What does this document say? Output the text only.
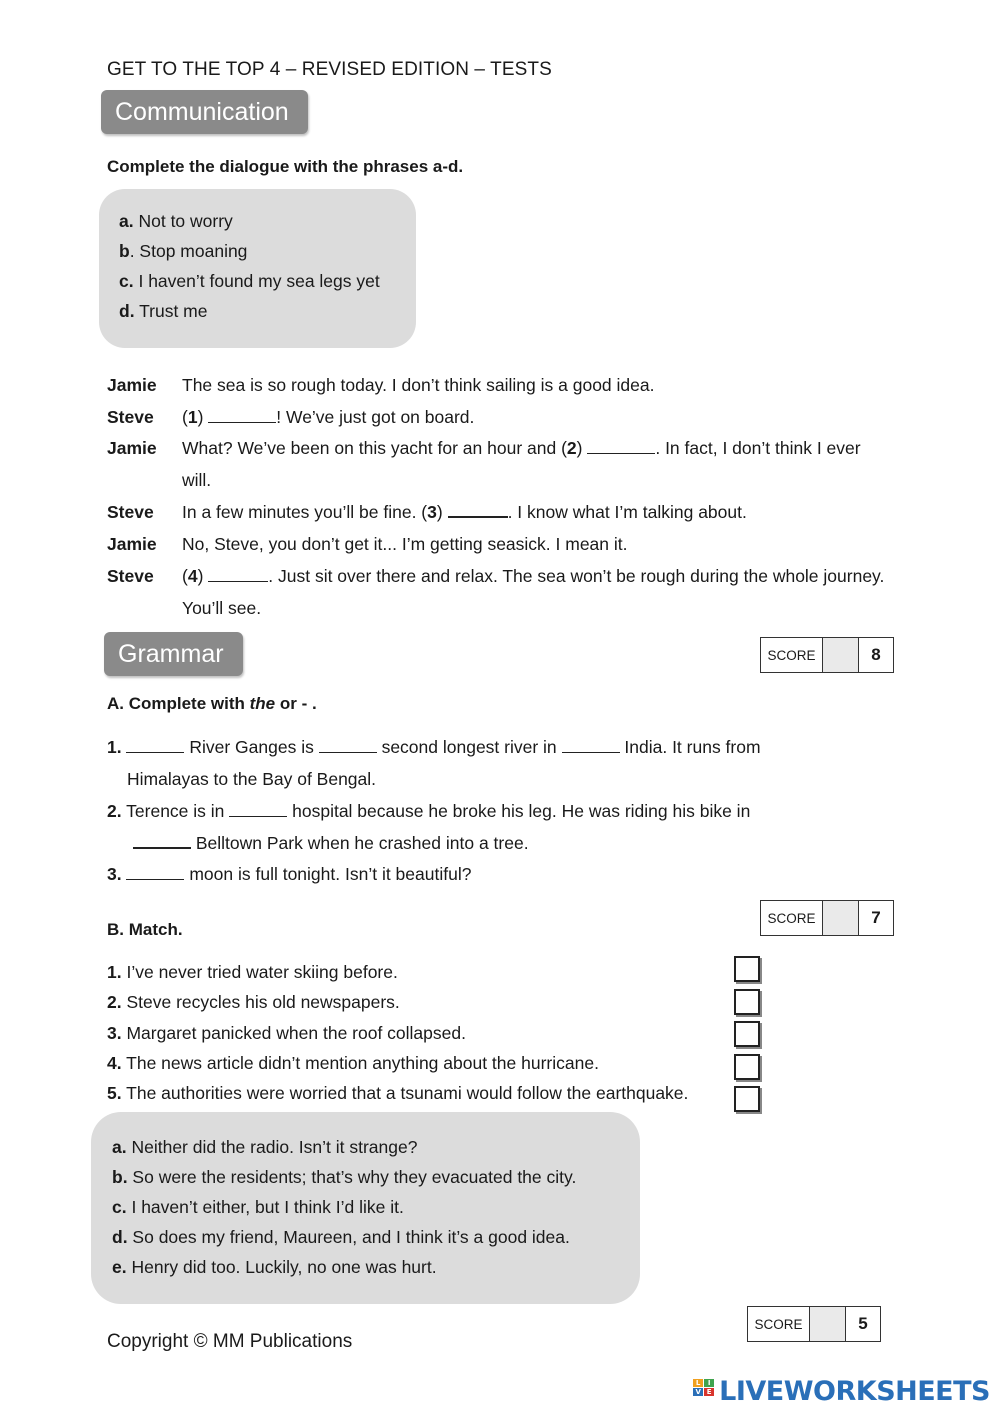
GET TO THE TOP 4 – REVISED EDITION – TESTS
Communication
Complete the dialogue with the phrases a-d.
a. Not to worry
b. Stop moaning
c. I haven’t found my sea legs yet
d. Trust me
Jamie The sea is so rough today. I don’t think sailing is a good idea.
Steve (1)	! We’ve just got on board.
Jamie What? We’ve been on this yacht for an hour and (2)	. In fact, I don’t think I ever
will.
Steve In a few minutes you’ll be fine. (3)	. I know what I’m talking about.
Jamie No, Steve, you don’t get it... I’m getting seasick. I mean it.
Steve (4)	. Just sit over there and relax. The sea won’t be rough during the whole journey.
You’ll see.
Grammar	SCORE	8
A. Complete with the or - .
1.	River Ganges is	second longest river in	India. It runs from
Himalayas to the Bay of Bengal.
2. Terence is in	hospital because he broke his leg. He was riding his bike in
Belltown Park when he crashed into a tree.
3.	moon is full tonight. Isn’t it beautiful?
SCORE	7
B. Match.
1. I’ve never tried water skiing before.
2. Steve recycles his old newspapers.
3. Margaret panicked when the roof collapsed.
4. The news article didn’t mention anything about the hurricane.
5. The authorities were worried that a tsunami would follow the earthquake.
a. Neither did the radio. Isn’t it strange?
b. So were the residents; that’s why they evacuated the city.
c. I haven’t either, but I think I’d like it.
d. So does my friend, Maureen, and I think it’s a good idea.
e. Henry did too. Luckily, no one was hurt.
SCORE	5
Copyright © MM Publications
L	I
V E LIVEWORKSHEETS
